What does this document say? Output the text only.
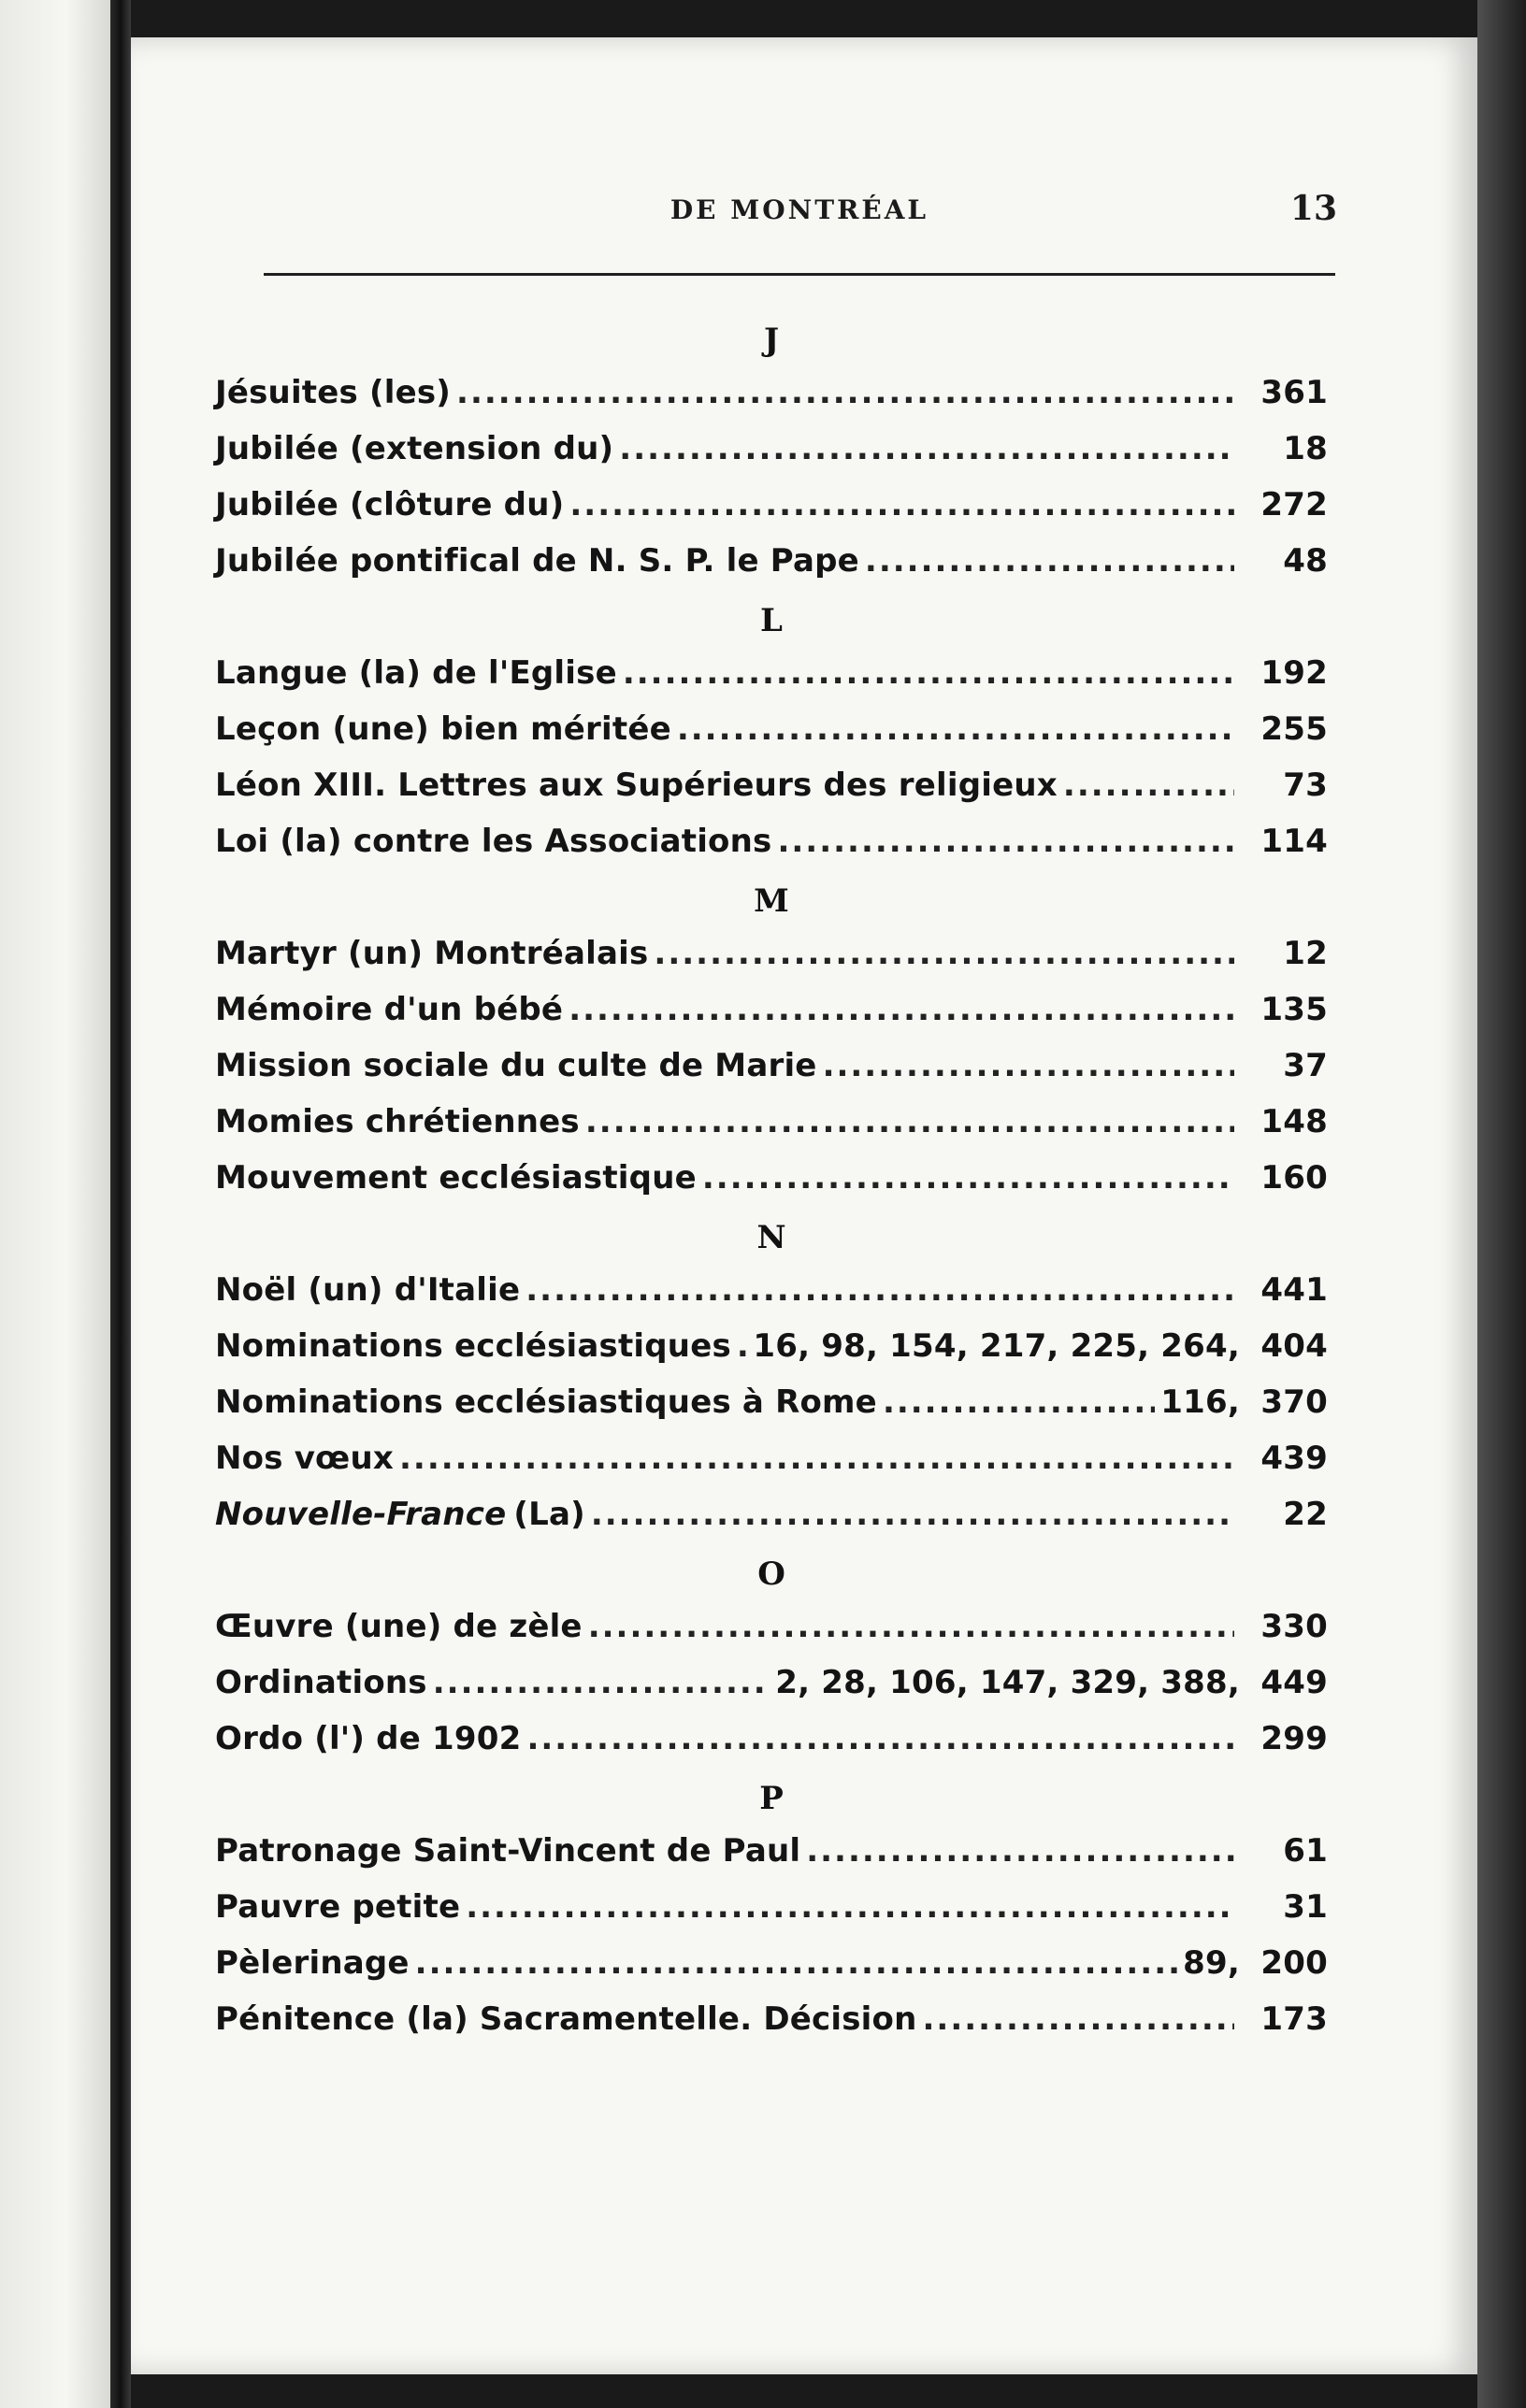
DE MONTRÉAL	13
J
Jésuites (les) .....	361
Jubilée (extension du) .....	18
Jubilée (clôture du) .....	272
Jubilée pontifical de N. S. P. le Pape .....	48
L
Langue (la) de l'Eglise .....	192
Leçon (une) bien méritée .....	255
Léon XIII. Lettres aux Supérieurs des religieux .....	73
Loi (la) contre les Associations .....	114
M
Martyr (un) Montréalais .....	12
Mémoire d'un bébé .....	135
Mission sociale du culte de Marie .....	37
Momies chrétiennes .....	148
Mouvement ecclésiastique .....	160
N
Noël (un) d'Italie .....	441
Nominations ecclésiastiques ..... 16, 98, 154, 217, 225, 264, 404
Nominations ecclésiastiques à Rome .....	116, 370
Nos vœux .....	439
Nouvelle-France (La) .....	22
O
Œuvre (une) de zèle .....	330
Ordinations .....	2, 28, 106, 147, 329, 388, 449
Ordo (l') de 1902 .....	299
P
Patronage Saint-Vincent de Paul .....	61
Pauvre petite .....	31
Pèlerinage .....	89, 200
Pénitence (la) Sacramentelle. Décision .....	173
